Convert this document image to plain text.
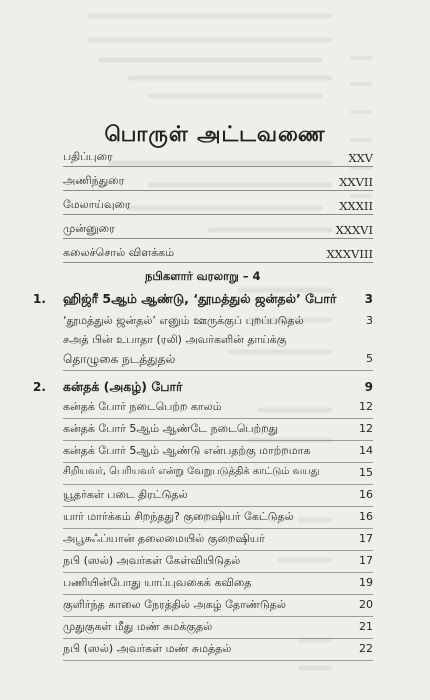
பொருள் அட்டவணை
பதிப்புரை	XXV
அணிந்துரை	XXVII
மேலாய்வுரை	XXXII
முன்னுரை	XXXVI
கலைச்சொல் விளக்கம்	XXXVIII
நபிகளார் வரலாறு – 4
1. ஹிஜ்ரீ 5ஆம் ஆண்டு, ‘தூமத்துல் ஜன்தல்’ போர் 3
‘தூமத்துல் ஜன்தல்’ எனும் ஊருக்குப் புறப்படுதல்	3
சஅத் பின் உபாதா (ரலி) அவர்களின் தாய்க்கு
தொழுகை நடத்துதல்	5
2. கன்தக் (அகழ்) போர்	9
கன்தக் போர் நடைபெற்ற காலம்	12
கன்தக் போர் 5ஆம் ஆண்டே நடைபெற்றது	12
கன்தக் போர் 5ஆம் ஆண்டு என்பதற்கு மாற்றமாக	14
சிறியவர், பெரியவர் என்று வேறுபடுத்திக் காட்டும் வயது	15
யூதர்கள் படை திரட்டுதல்	16
யார் மார்க்கம் சிறந்தது? குறைஷியர் கேட்டுதல்	16
அபூசுஃப்யான் தலைமையில் குறைஷியர்	17
நபி (ஸல்) அவர்கள் கேள்வியிடுதல்	17
பணியின்போது யாப்புவகைக் கவிதை	19
குளிர்ந்த காலை நேரத்தில் அகழ் தோண்டுதல்	20
முதுகுகள் மீது மண் சுமக்குதல்	21
நபி (ஸல்) அவர்கள் மண் சுமத்தல்	22
